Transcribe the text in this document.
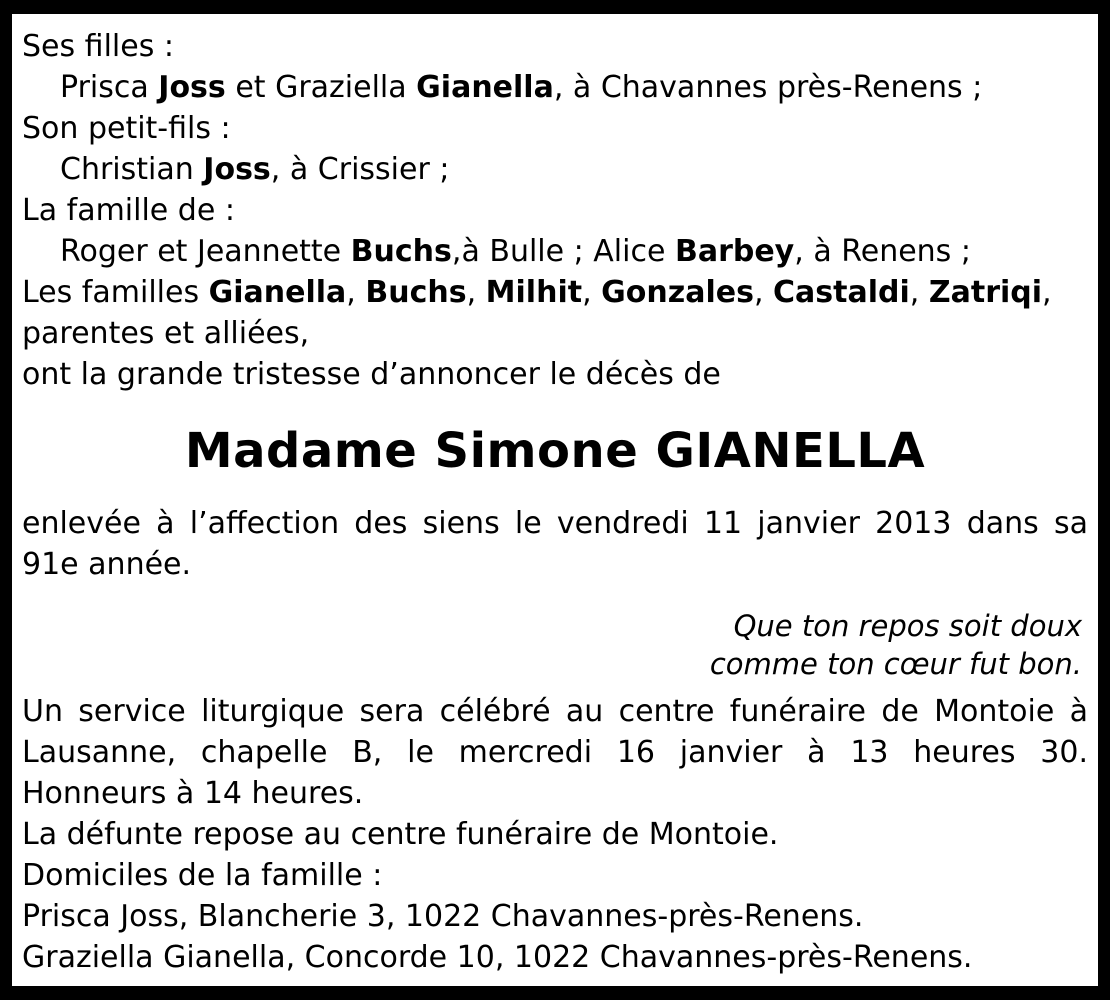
Ses filles :
Prisca Joss et Graziella Gianella, à Chavannes près-Renens ;
Son petit-fils :
Christian Joss, à Crissier ;
La famille de :
Roger et Jeannette Buchs,à Bulle ; Alice Barbey, à Renens ;
Les familles Gianella, Buchs, Milhit, Gonzales, Castaldi, Zatriqi,
parentes et alliées,
ont la grande tristesse d’annoncer le décès de
Madame Simone GIANELLA
enlevée à l’affection des siens le vendredi 11 janvier 2013 dans sa 91e année.
Que ton repos soit doux
comme ton cœur fut bon.
Un service liturgique sera célébré au centre funéraire de Montoie à Lausanne, chapelle B, le mercredi 16 janvier à 13 heures 30. Honneurs à 14 heures.
La défunte repose au centre funéraire de Montoie.
Domiciles de la famille :
Prisca Joss, Blancherie 3, 1022 Chavannes-près-Renens.
Graziella Gianella, Concorde 10, 1022 Chavannes-près-Renens.
